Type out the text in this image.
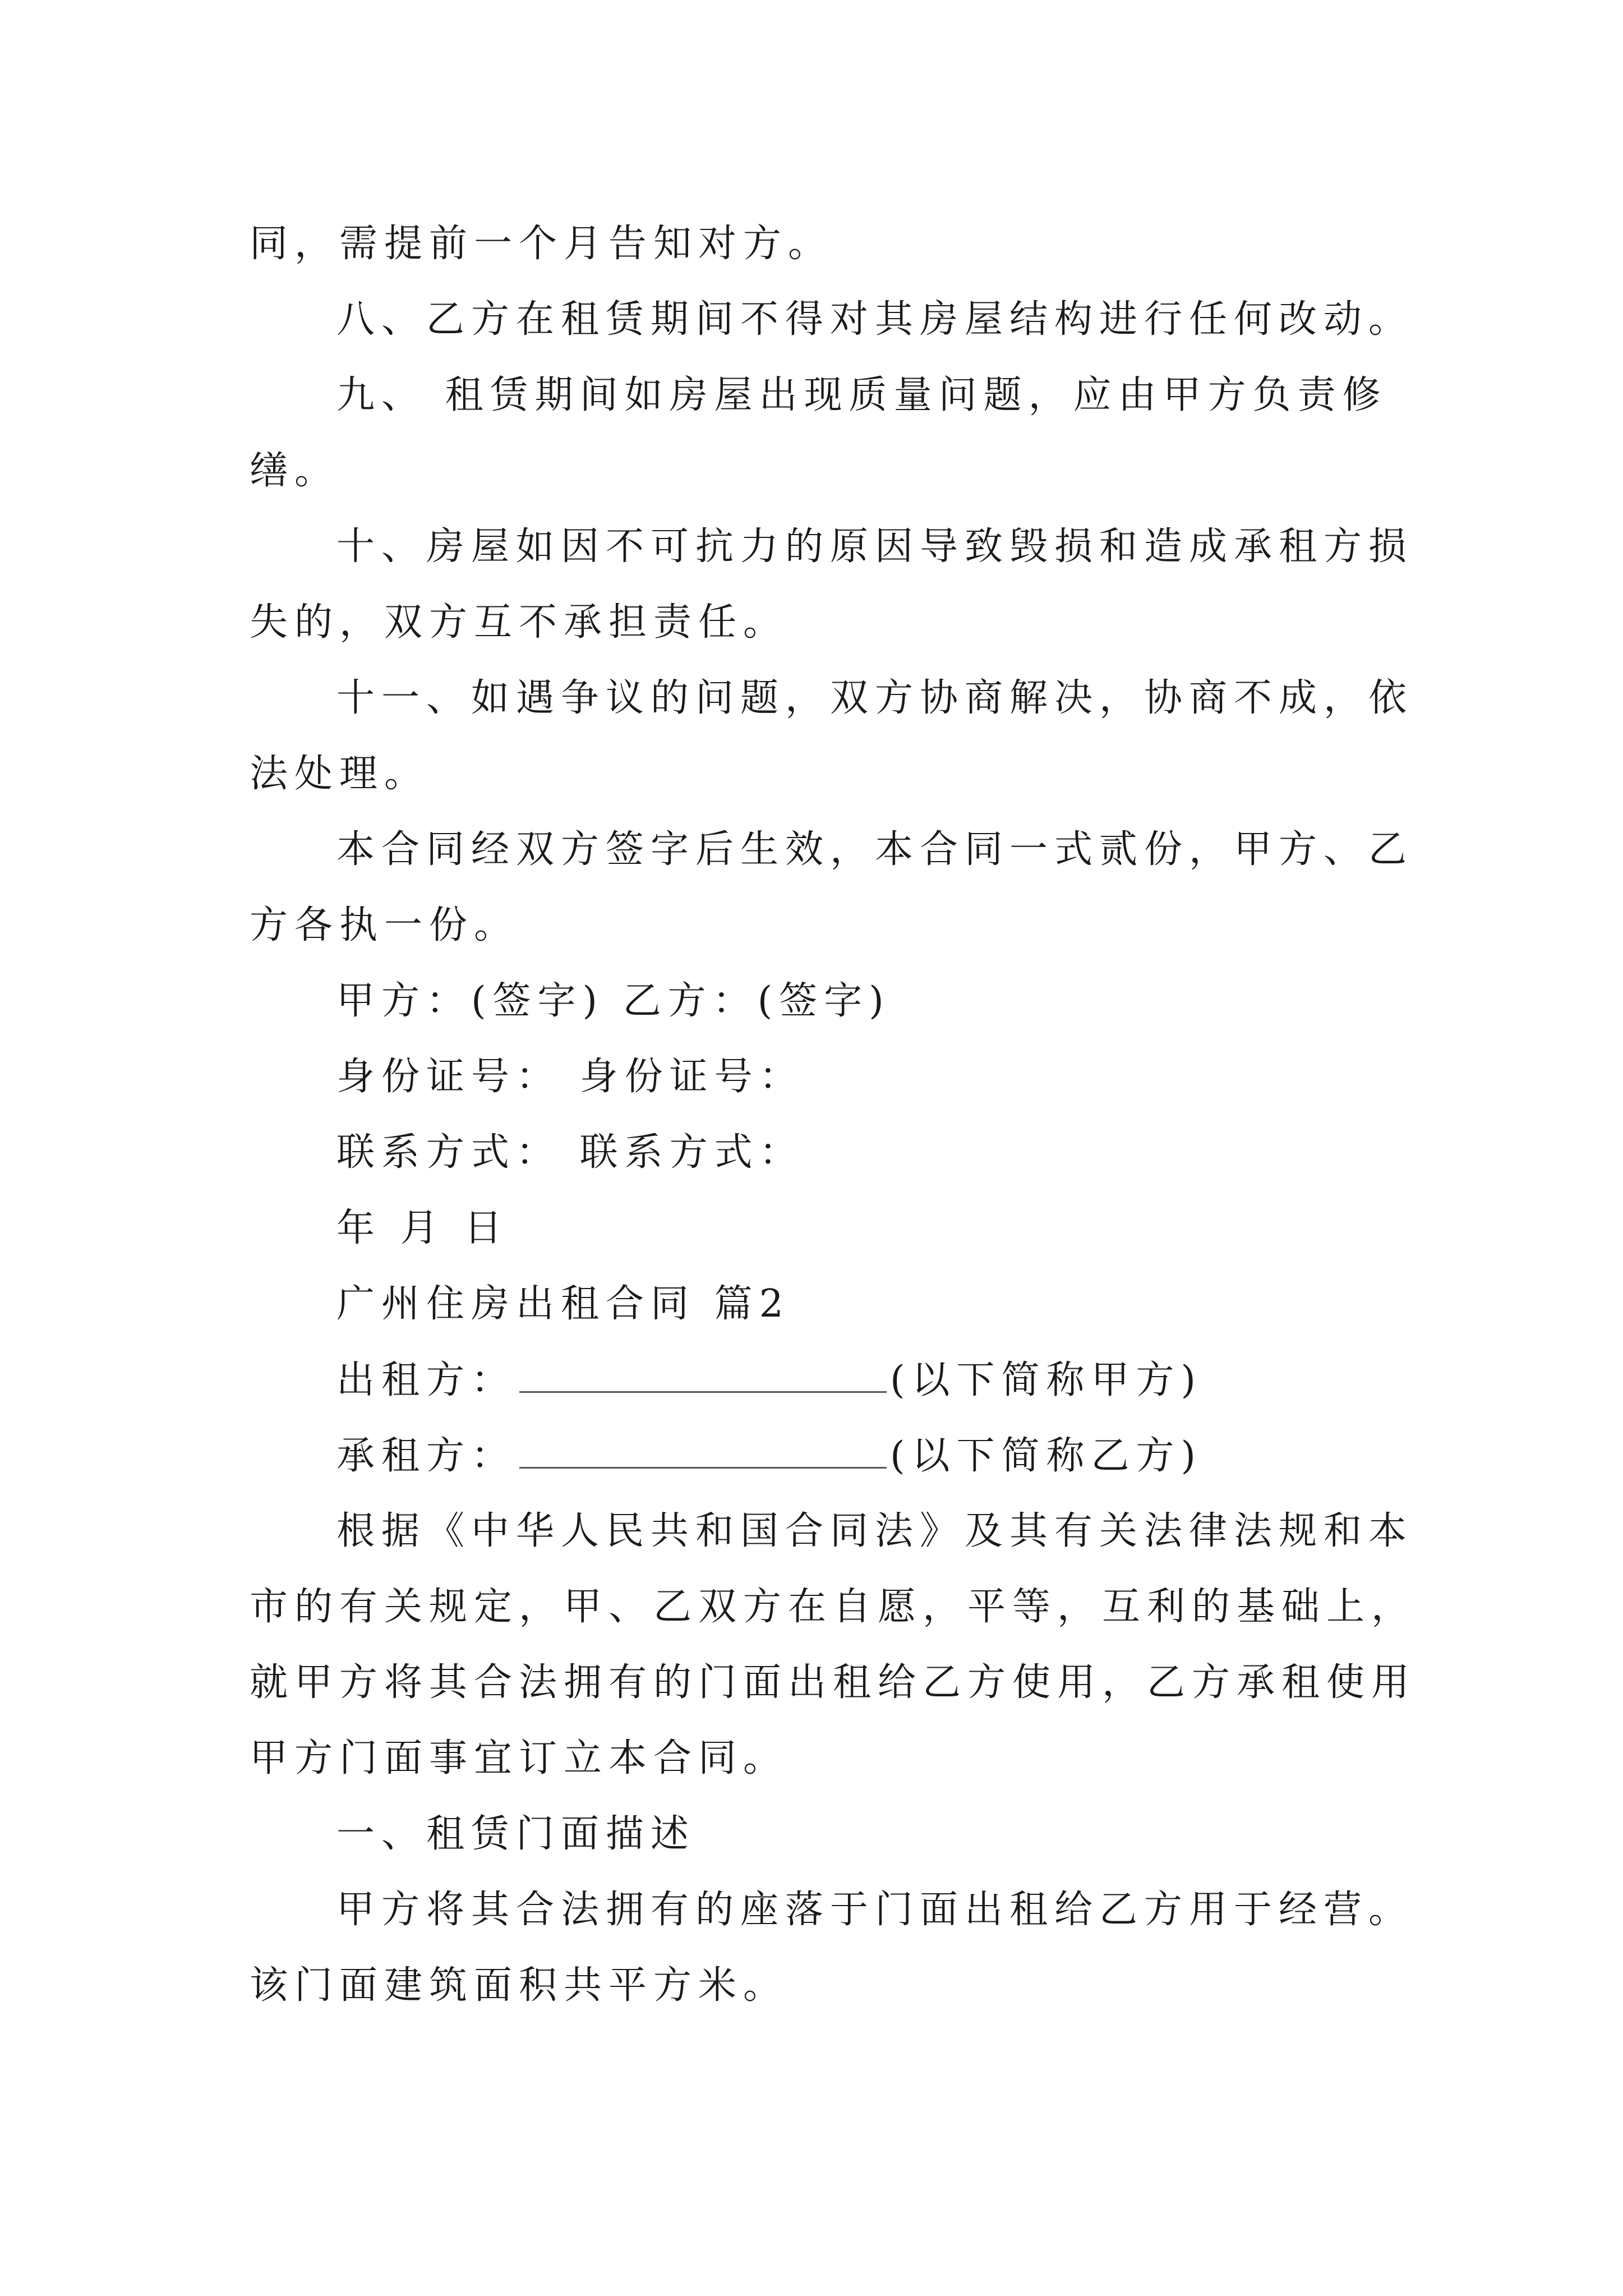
同，需提前一个月告知对方。
八、乙方在租赁期间不得对其房屋结构进行任何改动。
九、 租赁期间如房屋出现质量问题，应由甲方负责修
缮。
十、房屋如因不可抗力的原因导致毁损和造成承租方损
失的，双方互不承担责任。
十一、如遇争议的问题，双方协商解决，协商不成，依
法处理。
本合同经双方签字后生效，本合同一式贰份，甲方、乙
方各执一份。
甲方：(签字) 乙方：(签字)
身份证号： 身份证号：
联系方式： 联系方式：
年 月 日
广州住房出租合同 篇2
出租方：	(以下简称甲方)
承租方：	(以下简称乙方)
根据《中华人民共和国合同法》及其有关法律法规和本
市的有关规定，甲、乙双方在自愿，平等，互利的基础上，
就甲方将其合法拥有的门面出租给乙方使用，乙方承租使用
甲方门面事宜订立本合同。
一、租赁门面描述
甲方将其合法拥有的座落于门面出租给乙方用于经营。
该门面建筑面积共平方米。
